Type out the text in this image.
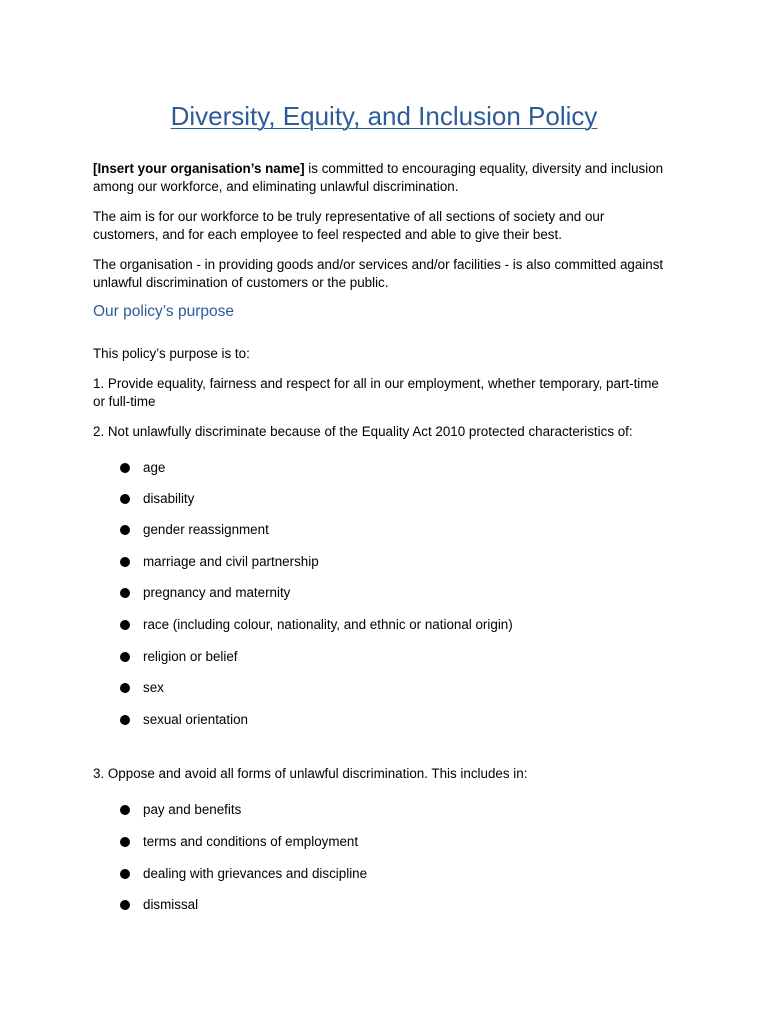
Diversity, Equity, and Inclusion Policy

[Insert your organisation’s name] is committed to encouraging equality, diversity and inclusion among our workforce, and eliminating unlawful discrimination.

The aim is for our workforce to be truly representative of all sections of society and our customers, and for each employee to feel respected and able to give their best.

The organisation - in providing goods and/or services and/or facilities - is also committed against unlawful discrimination of customers or the public.

Our policy’s purpose

This policy’s purpose is to:

1. Provide equality, fairness and respect for all in our employment, whether temporary, part-time or full-time

2. Not unlawfully discriminate because of the Equality Act 2010 protected characteristics of:

age
disability
gender reassignment
marriage and civil partnership
pregnancy and maternity
race (including colour, nationality, and ethnic or national origin)
religion or belief
sex
sexual orientation

3. Oppose and avoid all forms of unlawful discrimination. This includes in:

pay and benefits
terms and conditions of employment
dealing with grievances and discipline
dismissal
